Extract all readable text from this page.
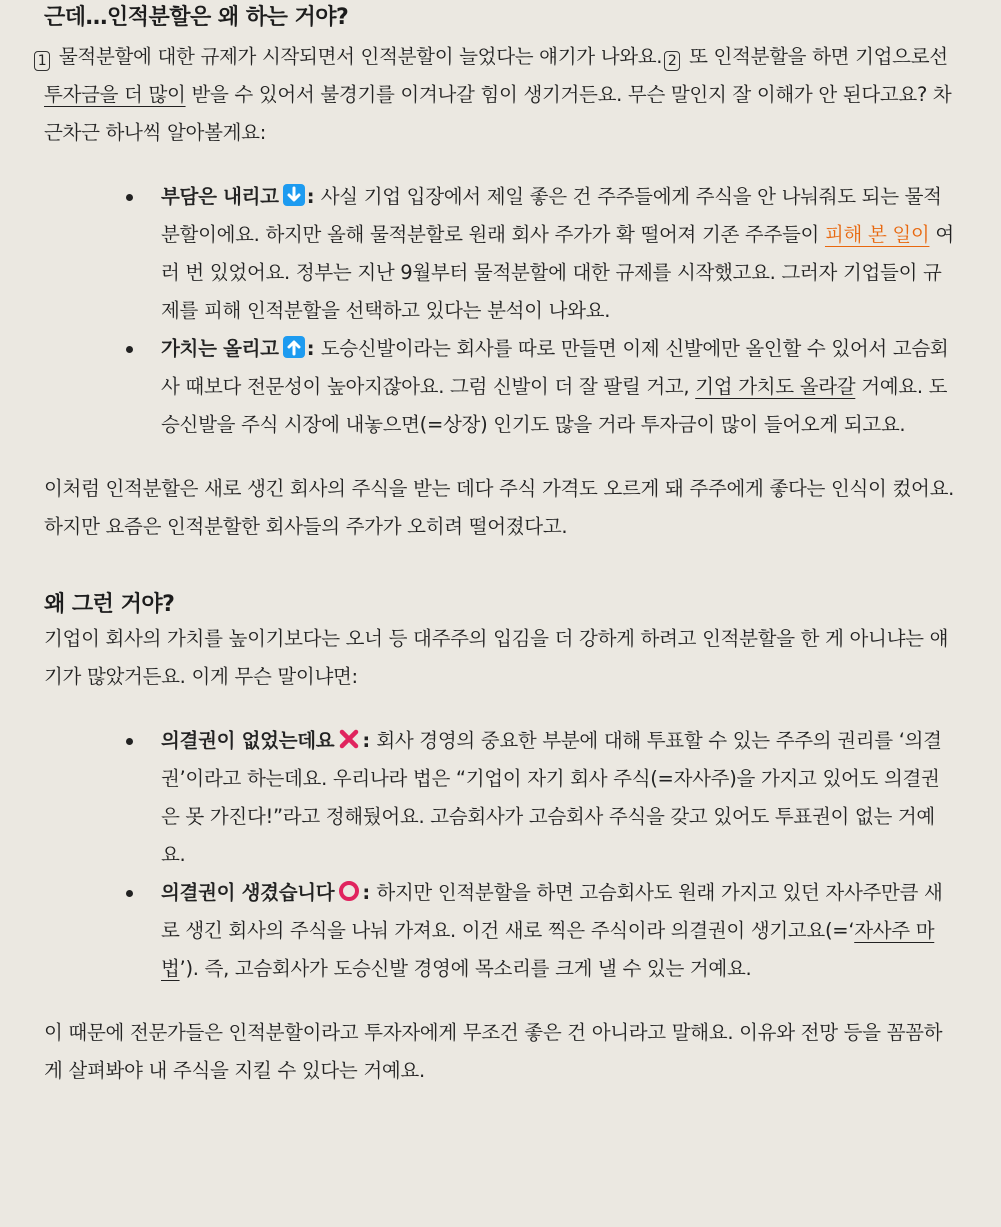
근데…인적분할은 왜 하는 거야?

1 물적분할에 대한 규제가 시작되면서 인적분할이 늘었다는 얘기가 나와요. 2 또 인적분할을 하면 기업으로선 투자금을 더 많이 받을 수 있어서 불경기를 이겨나갈 힘이 생기거든요. 무슨 말인지 잘 이해가 안 된다고요? 차근차근 하나씩 알아볼게요:

부담은 내리고 : 사실 기업 입장에서 제일 좋은 건 주주들에게 주식을 안 나눠줘도 되는 물적분할이에요. 하지만 올해 물적분할로 원래 회사 주가가 확 떨어져 기존 주주들이 피해 본 일이 여러 번 있었어요. 정부는 지난 9월부터 물적분할에 대한 규제를 시작했고요. 그러자 기업들이 규제를 피해 인적분할을 선택하고 있다는 분석이 나와요.
가치는 올리고 : 도승신발이라는 회사를 따로 만들면 이제 신발에만 올인할 수 있어서 고슴회사 때보다 전문성이 높아지잖아요. 그럼 신발이 더 잘 팔릴 거고, 기업 가치도 올라갈 거예요. 도승신발을 주식 시장에 내놓으면(=상장) 인기도 많을 거라 투자금이 많이 들어오게 되고요.

이처럼 인적분할은 새로 생긴 회사의 주식을 받는 데다 주식 가격도 오르게 돼 주주에게 좋다는 인식이 컸어요. 하지만 요즘은 인적분할한 회사들의 주가가 오히려 떨어졌다고.

왜 그런 거야?

기업이 회사의 가치를 높이기보다는 오너 등 대주주의 입김을 더 강하게 하려고 인적분할을 한 게 아니냐는 얘기가 많았거든요. 이게 무슨 말이냐면:

의결권이 없었는데요 : 회사 경영의 중요한 부분에 대해 투표할 수 있는 주주의 권리를 ‘의결권’이라고 하는데요. 우리나라 법은 “기업이 자기 회사 주식(=자사주)을 가지고 있어도 의결권은 못 가진다!”라고 정해뒀어요. 고슴회사가 고슴회사 주식을 갖고 있어도 투표권이 없는 거예요.
의결권이 생겼습니다 ○ : 하지만 인적분할을 하면 고슴회사도 원래 가지고 있던 자사주만큼 새로 생긴 회사의 주식을 나눠 가져요. 이건 새로 찍은 주식이라 의결권이 생기고요(=‘자사주 마법’). 즉, 고슴회사가 도승신발 경영에 목소리를 크게 낼 수 있는 거예요.

이 때문에 전문가들은 인적분할이라고 투자자에게 무조건 좋은 건 아니라고 말해요. 이유와 전망 등을 꼼꼼하게 살펴봐야 내 주식을 지킬 수 있다는 거예요.
